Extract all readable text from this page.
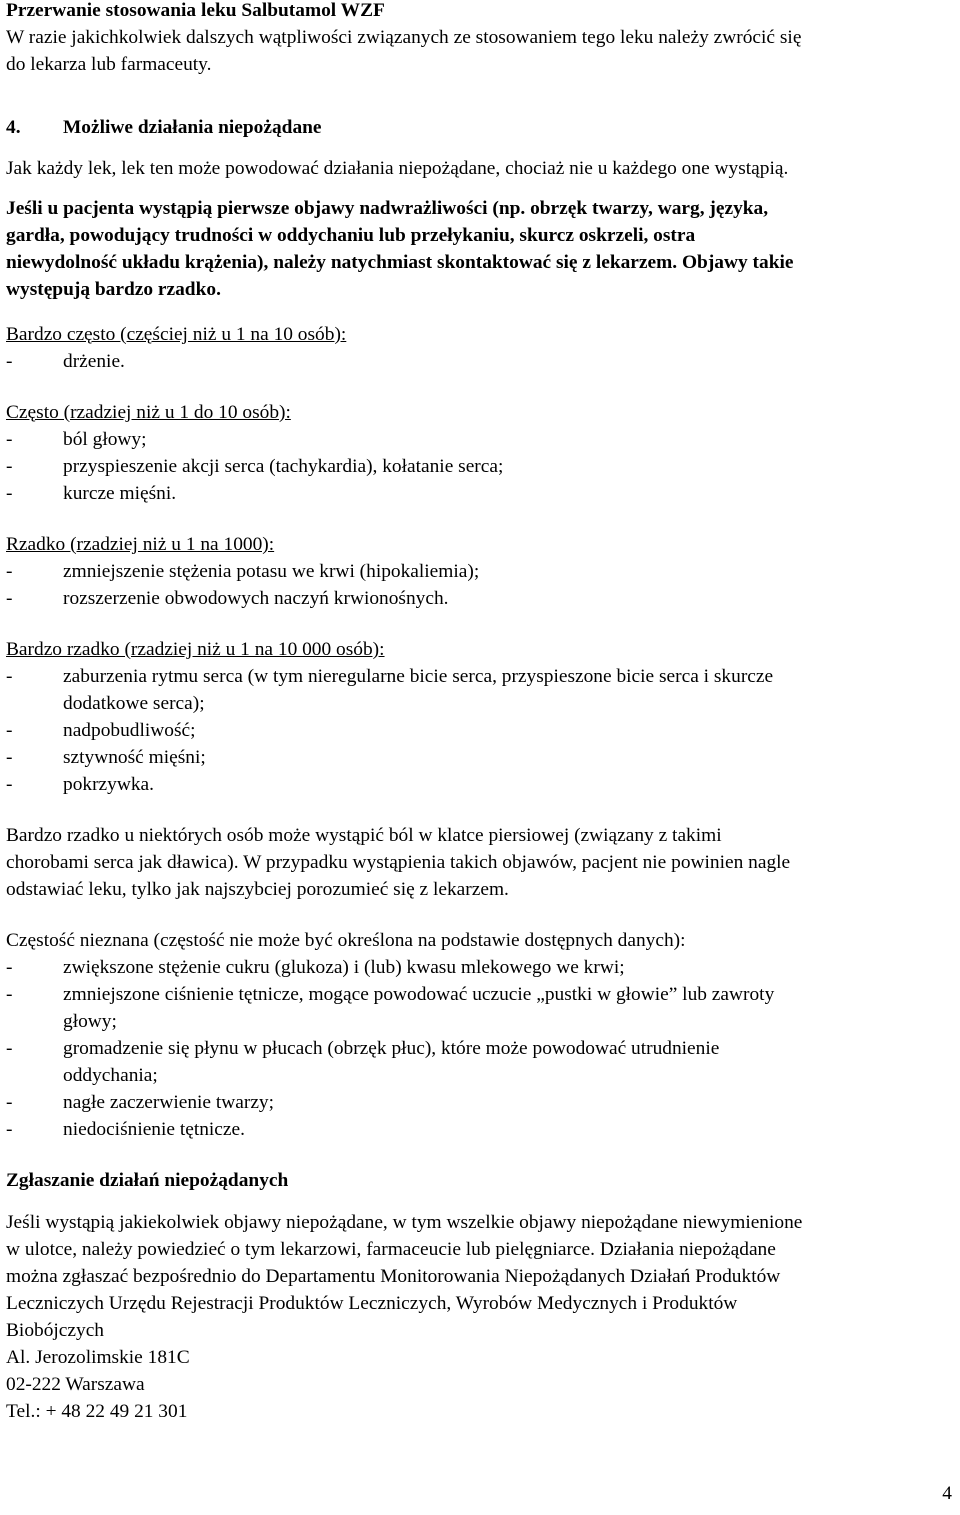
Przerwanie stosowania leku Salbutamol WZF
W razie jakichkolwiek dalszych wątpliwości związanych ze stosowaniem tego leku należy zwrócić się
do lekarza lub farmaceuty.
4.	Możliwe działania niepożądane
Jak każdy lek, lek ten może powodować działania niepożądane, chociaż nie u każdego one wystąpią.
Jeśli u pacjenta wystąpią pierwsze objawy nadwrażliwości (np. obrzęk twarzy, warg, języka,
gardła, powodujący trudności w oddychaniu lub przełykaniu, skurcz oskrzeli, ostra
niewydolność układu krążenia), należy natychmiast skontaktować się z lekarzem. Objawy takie
występują bardzo rzadko.
Bardzo często (częściej niż u 1 na 10 osób):
-	drżenie.
Często (rzadziej niż u 1 do 10 osób):
-	ból głowy;
-	przyspieszenie akcji serca (tachykardia), kołatanie serca;
-	kurcze mięśni.
Rzadko (rzadziej niż u 1 na 1000):
-	zmniejszenie stężenia potasu we krwi (hipokaliemia);
-	rozszerzenie obwodowych naczyń krwionośnych.
Bardzo rzadko (rzadziej niż u 1 na 10 000 osób):
-	zaburzenia rytmu serca (w tym nieregularne bicie serca, przyspieszone bicie serca i skurcze
dodatkowe serca);
-	nadpobudliwość;
-	sztywność mięśni;
-	pokrzywka.
Bardzo rzadko u niektórych osób może wystąpić ból w klatce piersiowej (związany z takimi
chorobami serca jak dławica). W przypadku wystąpienia takich objawów, pacjent nie powinien nagle
odstawiać leku, tylko jak najszybciej porozumieć się z lekarzem.
Częstość nieznana (częstość nie może być określona na podstawie dostępnych danych):
-	zwiększone stężenie cukru (glukoza) i (lub) kwasu mlekowego we krwi;
-	zmniejszone ciśnienie tętnicze, mogące powodować uczucie „pustki w głowie” lub zawroty
głowy;
-	gromadzenie się płynu w płucach (obrzęk płuc), które może powodować utrudnienie
oddychania;
-	nagłe zaczerwienie twarzy;
-	niedociśnienie tętnicze.
Zgłaszanie działań niepożądanych
Jeśli wystąpią jakiekolwiek objawy niepożądane, w tym wszelkie objawy niepożądane niewymienione
w ulotce, należy powiedzieć o tym lekarzowi, farmaceucie lub pielęgniarce. Działania niepożądane
można zgłaszać bezpośrednio do Departamentu Monitorowania Niepożądanych Działań Produktów
Leczniczych Urzędu Rejestracji Produktów Leczniczych, Wyrobów Medycznych i Produktów
Biobójczych
Al. Jerozolimskie 181C
02-222 Warszawa
Tel.: + 48 22 49 21 301
4
